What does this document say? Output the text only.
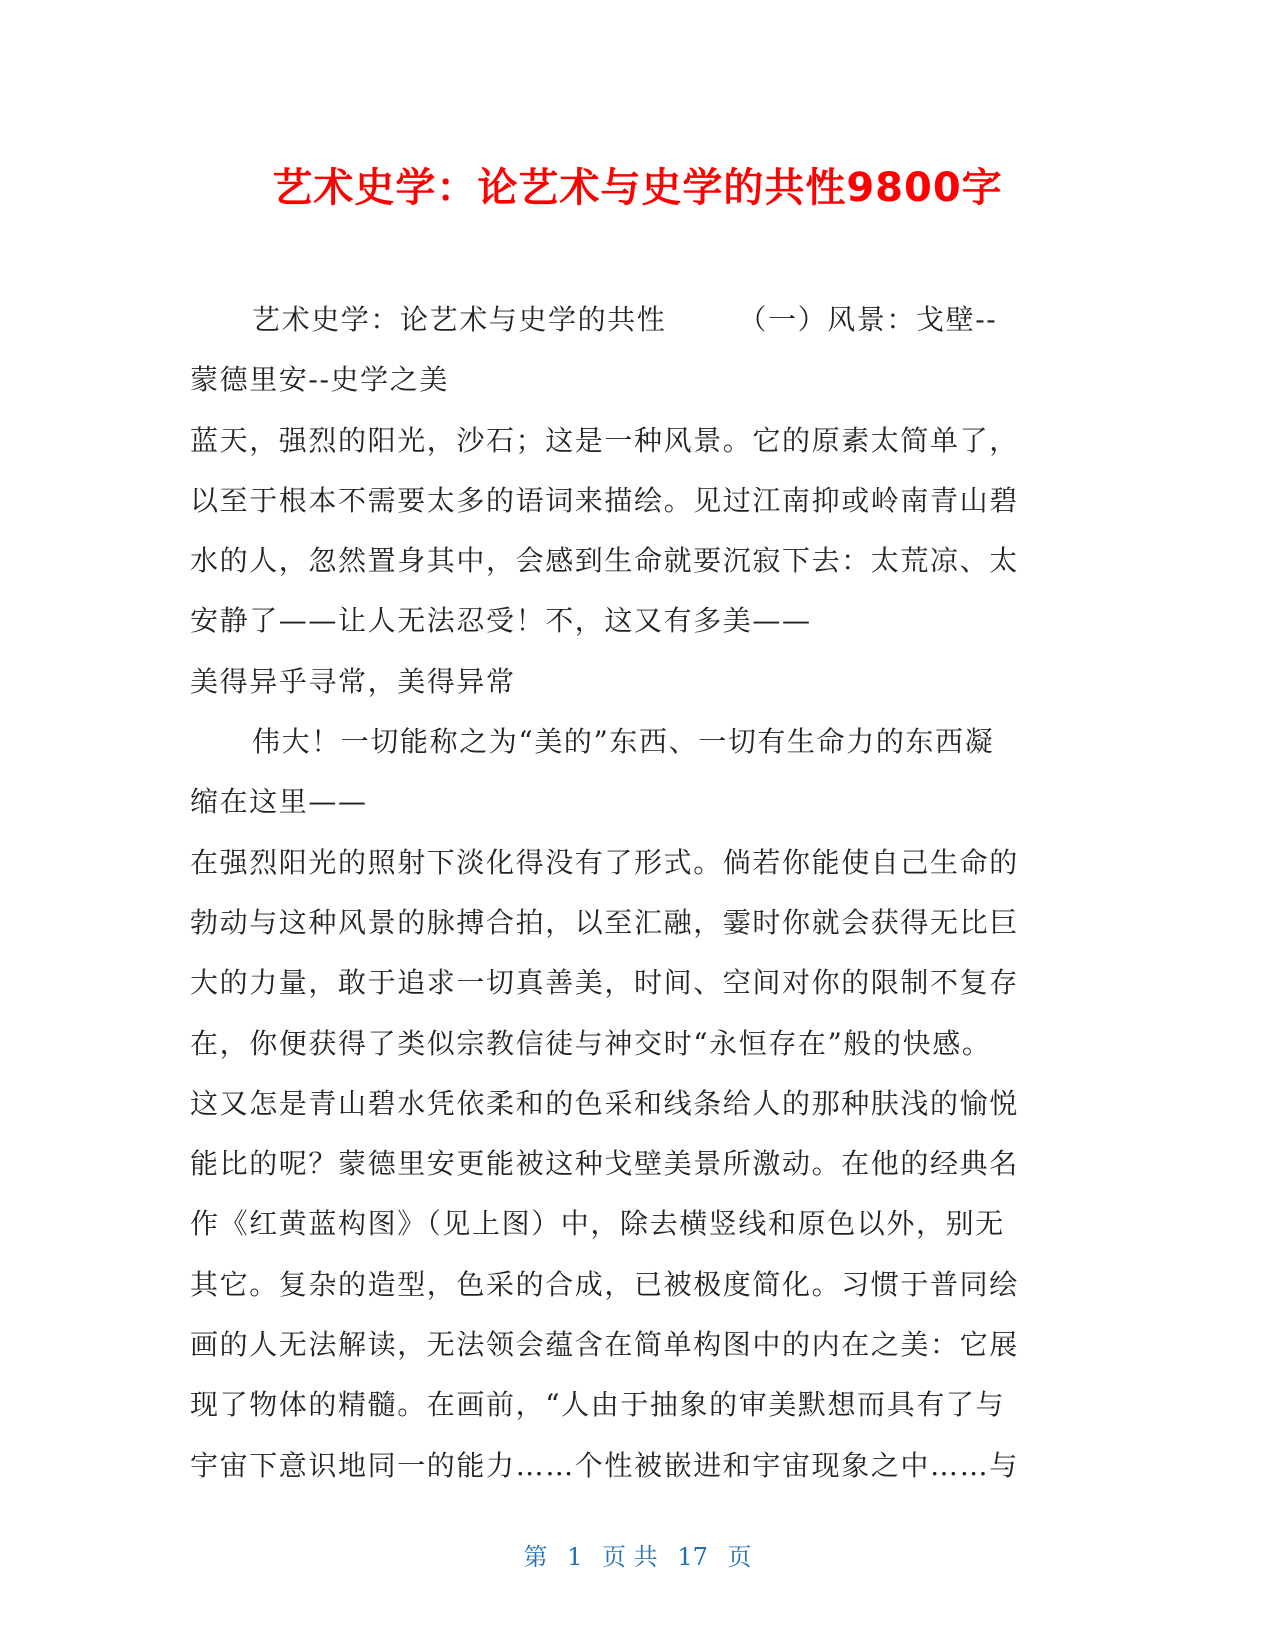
艺术史学：论艺术与史学的共性9800字
艺术史学：论艺术与史学的共性	（一）风景：戈壁--
蒙德里安--史学之美
蓝天，强烈的阳光，沙石；这是一种风景。它的原素太简单了，
以至于根本不需要太多的语词来描绘。见过江南抑或岭南青山碧
水的人，忽然置身其中，会感到生命就要沉寂下去：太荒凉、太
安静了——让人无法忍受！不，这又有多美——
美得异乎寻常，美得异常
伟大！一切能称之为“美的”东西、一切有生命力的东西凝
缩在这里——
在强烈阳光的照射下淡化得没有了形式。倘若你能使自己生命的
勃动与这种风景的脉搏合拍，以至汇融，霎时你就会获得无比巨
大的力量，敢于追求一切真善美，时间、空间对你的限制不复存
在，你便获得了类似宗教信徒与神交时“永恒存在”般的快感。
这又怎是青山碧水凭依柔和的色采和线条给人的那种肤浅的愉悦
能比的呢？蒙德里安更能被这种戈壁美景所激动。在他的经典名
作《红黄蓝构图》（见上图）中，除去横竖线和原色以外，别无
其它。复杂的造型，色采的合成，已被极度简化。习惯于普同绘
画的人无法解读，无法领会蕴含在简单构图中的内在之美：它展
现了物体的精髓。在画前，“人由于抽象的审美默想而具有了与
宇宙下意识地同一的能力……个性被嵌进和宇宙现象之中……与
第 1 页 共 17 页
